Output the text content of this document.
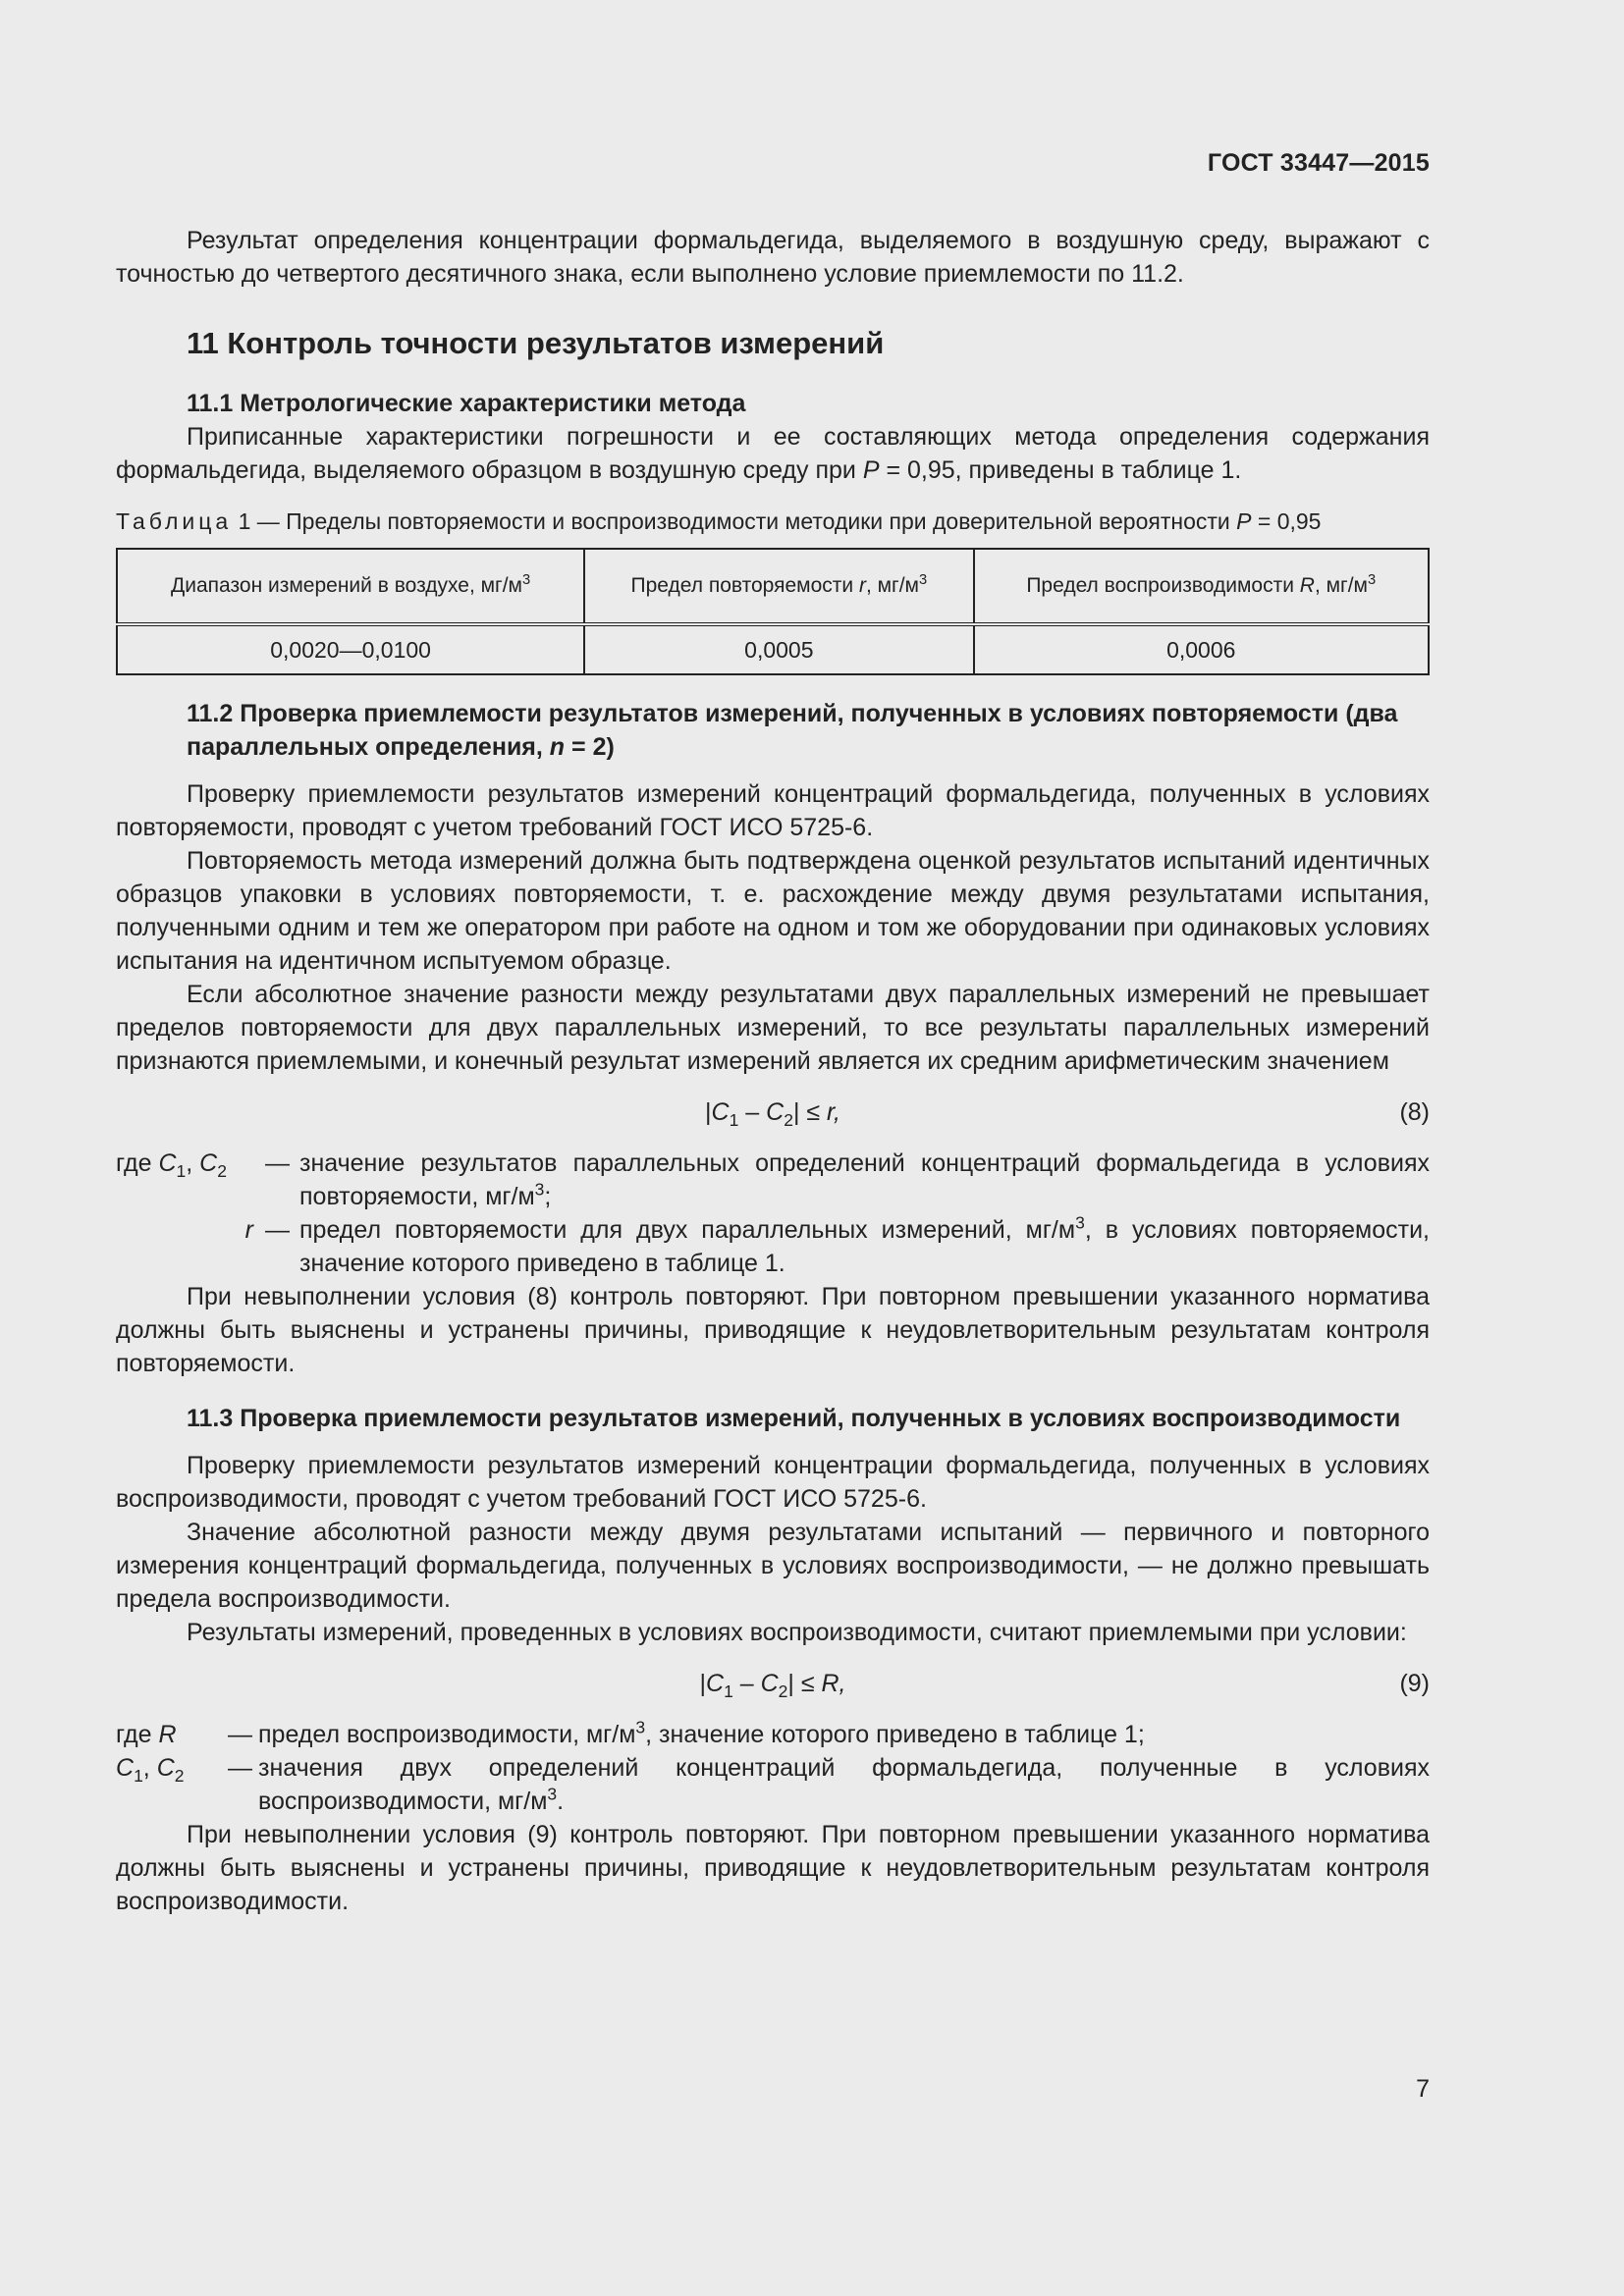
ГОСТ 33447—2015

Результат определения концентрации формальдегида, выделяемого в воздушную среду, выражают с точностью до четвертого десятичного знака, если выполнено условие приемлемости по 11.2.

11 Контроль точности результатов измерений
11.1 Метрологические характеристики метода

Приписанные характеристики погрешности и ее составляющих метода определения содержания формальдегида, выделяемого образцом в воздушную среду при P = 0,95, приведены в таблице 1.

Таблица 1 — Пределы повторяемости и воспроизводимости методики при доверительной вероятности P = 0,95
Диапазон измерений в воздухе, $мг/м^3$	Предел повторяемости r, $мг/м^3$	Предел воспроизводимости R, $мг/м^3$
0,0020—0,0100	0,0005	0,0006
11.2 Проверка приемлемости результатов измерений, полученных в условиях повторяемости (два параллельных определения, n = 2)

Проверку приемлемости результатов измерений концентраций формальдегида, полученных в условиях повторяемости, проводят с учетом требований ГОСТ ИСО 5725-6.

Повторяемость метода измерений должна быть подтверждена оценкой результатов испытаний идентичных образцов упаковки в условиях повторяемости, т. е. расхождение между двумя результатами испытания, полученными одним и тем же оператором при работе на одном и том же оборудовании при одинаковых условиях испытания на идентичном испытуемом образце.

Если абсолютное значение разности между результатами двух параллельных измерений не превышает пределов повторяемости для двух параллельных измерений, то все результаты параллельных измерений признаются приемлемыми, и конечный результат измерений является их средним арифметическим значением

$|C_1 - C_2| \le r$,	(8)
где $C_1$, $C_2$	—	значение результатов параллельных определений концентраций формальдегида в условиях повторяемости, $мг/м^3$;
r	—	предел повторяемости для двух параллельных измерений, $мг/м^3$, в условиях повторяемости, значение которого приведено в таблице 1.

При невыполнении условия (8) контроль повторяют. При повторном превышении указанного норматива должны быть выяснены и устранены причины, приводящие к неудовлетворительным результатам контроля повторяемости.

11.3 Проверка приемлемости результатов измерений, полученных в условиях воспроизводимости

Проверку приемлемости результатов измерений концентрации формальдегида, полученных в условиях воспроизводимости, проводят с учетом требований ГОСТ ИСО 5725-6.

Значение абсолютной разности между двумя результатами испытаний — первичного и повторного измерения концентраций формальдегида, полученных в условиях воспроизводимости, — не должно превышать предела воспроизводимости.

Результаты измерений, проведенных в условиях воспроизводимости, считают приемлемыми при условии:

$|C_1 - C_2| \le R$,	(9)
где R	—	предел воспроизводимости, $мг/м^3$, значение которого приведено в таблице 1;
$C_1$, $C_2$	—	значения двух определений концентраций формальдегида, полученные в условиях воспроизводимости, $мг/м^3$.

При невыполнении условия (9) контроль повторяют. При повторном превышении указанного норматива должны быть выяснены и устранены причины, приводящие к неудовлетворительным результатам контроля воспроизводимости.

7
